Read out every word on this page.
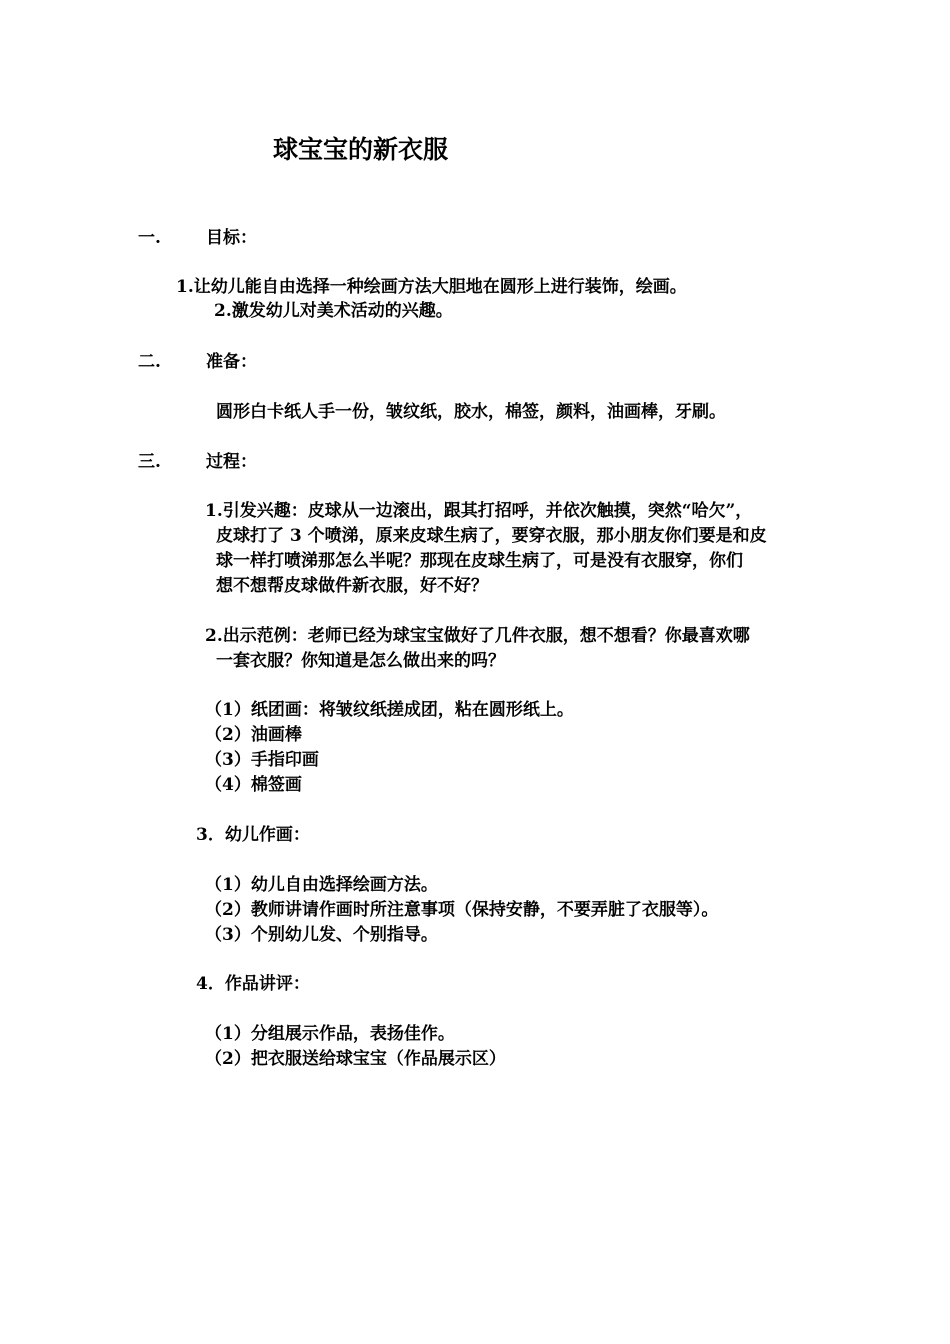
球宝宝的新衣服
一.	目标：
1.让幼儿能自由选择一种绘画方法大胆地在圆形上进行装饰，绘画。
2.激发幼儿对美术活动的兴趣。
二.	准备：
圆形白卡纸人手一份，皱纹纸，胶水，棉签，颜料，油画棒，牙刷。
三.	过程：
1.引发兴趣：皮球从一边滚出，跟其打招呼，并依次触摸，突然“哈欠”，
皮球打了 3 个喷涕，原来皮球生病了，要穿衣服，那小朋友你们要是和皮
球一样打喷涕那怎么半呢？那现在皮球生病了，可是没有衣服穿，你们
想不想帮皮球做件新衣服，好不好？
2.出示范例：老师已经为球宝宝做好了几件衣服，想不想看？你最喜欢哪
一套衣服？你知道是怎么做出来的吗？
（1）纸团画：将皱纹纸搓成团，粘在圆形纸上。
（2）油画棒
（3）手指印画
（4）棉签画
3．幼儿作画：
（1）幼儿自由选择绘画方法。
（2）教师讲请作画时所注意事项（保持安静，不要弄脏了衣服等）。
（3）个别幼儿发、个别指导。
4．作品讲评：
（1）分组展示作品，表扬佳作。
（2）把衣服送给球宝宝（作品展示区）
